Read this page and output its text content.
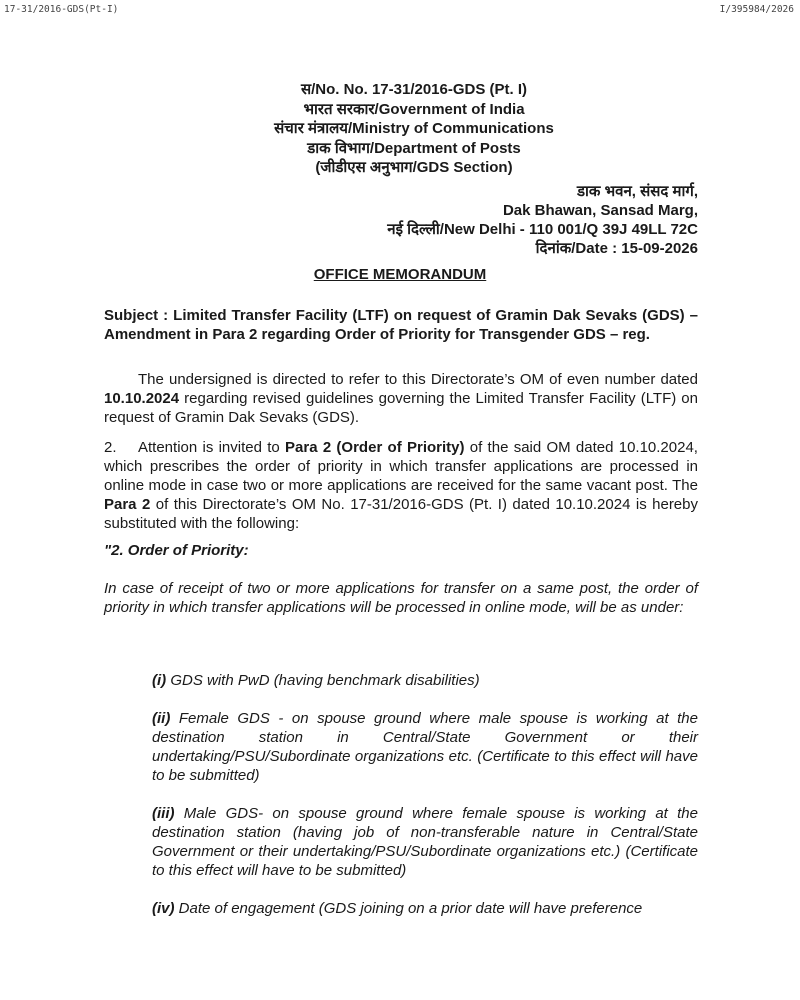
17-31/2016-GDS(Pt-I)	I/395984/2026
स/No. No. 17-31/2016-GDS (Pt. I)
भारत सरकार/Government of India
संचार मंत्रालय/Ministry of Communications
डाक विभाग/Department of Posts
(जीडीएस अनुभाग/GDS Section)
डाक भवन, संसद मार्ग,
Dak Bhawan, Sansad Marg,
नई दिल्ली/New Delhi - 110 001/Q 39J 49LL 72C
दिनांक/Date : 15-09-2026
OFFICE MEMORANDUM
Subject : Limited Transfer Facility (LTF) on request of Gramin Dak Sevaks (GDS) – Amendment in Para 2 regarding Order of Priority for Transgender GDS – reg.
The undersigned is directed to refer to this Directorate’s OM of even number dated 10.10.2024 regarding revised guidelines governing the Limited Transfer Facility (LTF) on request of Gramin Dak Sevaks (GDS).
2. Attention is invited to Para 2 (Order of Priority) of the said OM dated 10.10.2024, which prescribes the order of priority in which transfer applications are processed in online mode in case two or more applications are received for the same vacant post. The Para 2 of this Directorate’s OM No. 17-31/2016-GDS (Pt. I) dated 10.10.2024 is hereby substituted with the following:
"2. Order of Priority:
In case of receipt of two or more applications for transfer on a same post, the order of priority in which transfer applications will be processed in online mode, will be as under:
(i) GDS with PwD (having benchmark disabilities)
(ii) Female GDS - on spouse ground where male spouse is working at the destination station in Central/State Government or their undertaking/PSU/Subordinate organizations etc. (Certificate to this effect will have to be submitted)
(iii) Male GDS- on spouse ground where female spouse is working at the destination station (having job of non-transferable nature in Central/State Government or their undertaking/PSU/Subordinate organizations etc.) (Certificate to this effect will have to be submitted)
(iv) Date of engagement (GDS joining on a prior date will have preference
